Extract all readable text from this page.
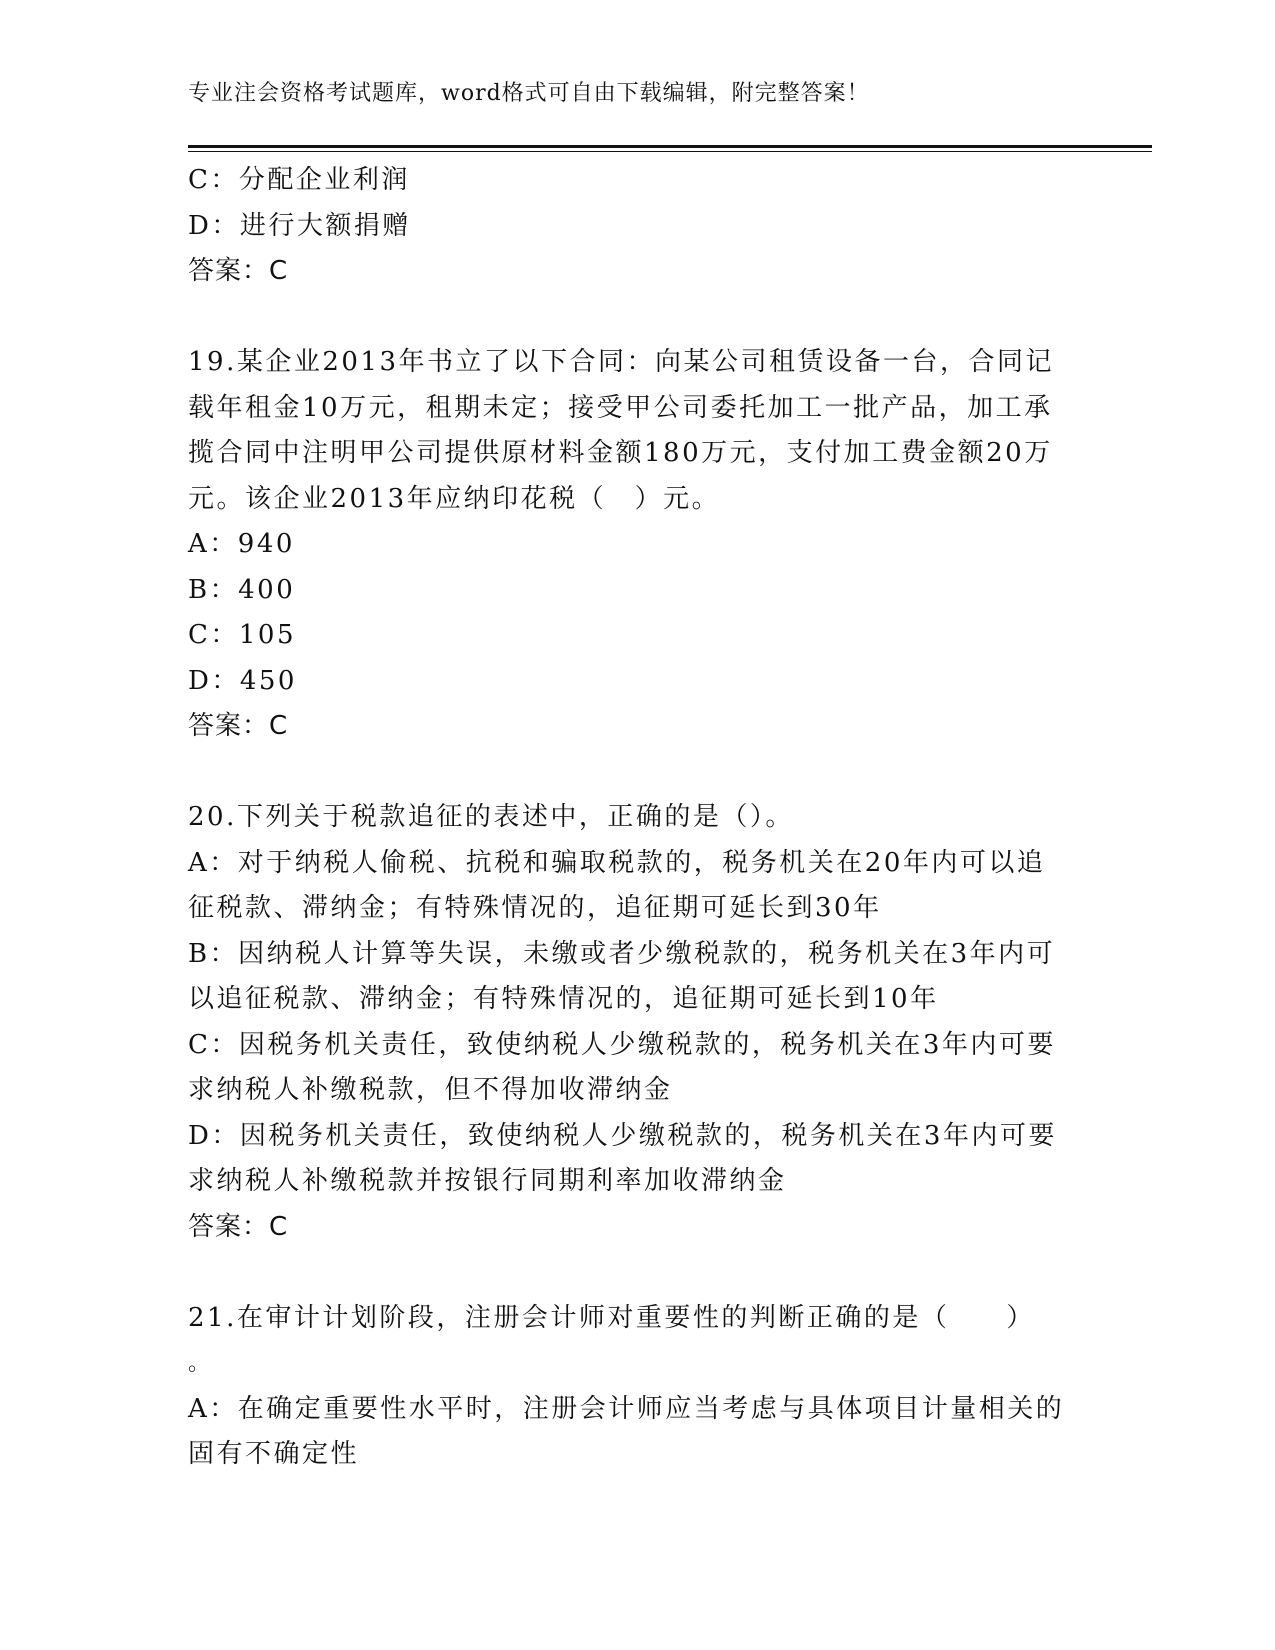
专业注会资格考试题库，word格式可自由下载编辑，附完整答案！
C：分配企业利润
D：进行大额捐赠
答案：C
19.某企业2013年书立了以下合同：向某公司租赁设备一台，合同记
载年租金10万元，租期未定；接受甲公司委托加工一批产品，加工承
揽合同中注明甲公司提供原材料金额180万元，支付加工费金额20万
元。该企业2013年应纳印花税（　）元。
A：940
B：400
C：105
D：450
答案：C
20.下列关于税款追征的表述中，正确的是（）。
A：对于纳税人偷税、抗税和骗取税款的，税务机关在20年内可以追
征税款、滞纳金；有特殊情况的，追征期可延长到30年
B：因纳税人计算等失误，未缴或者少缴税款的，税务机关在3年内可
以追征税款、滞纳金；有特殊情况的，追征期可延长到10年
C：因税务机关责任，致使纳税人少缴税款的，税务机关在3年内可要
求纳税人补缴税款，但不得加收滞纳金
D：因税务机关责任，致使纳税人少缴税款的，税务机关在3年内可要
求纳税人补缴税款并按银行同期利率加收滞纳金
答案：C
21.在审计计划阶段，注册会计师对重要性的判断正确的是（　　）
。
A：在确定重要性水平时，注册会计师应当考虑与具体项目计量相关的
固有不确定性
